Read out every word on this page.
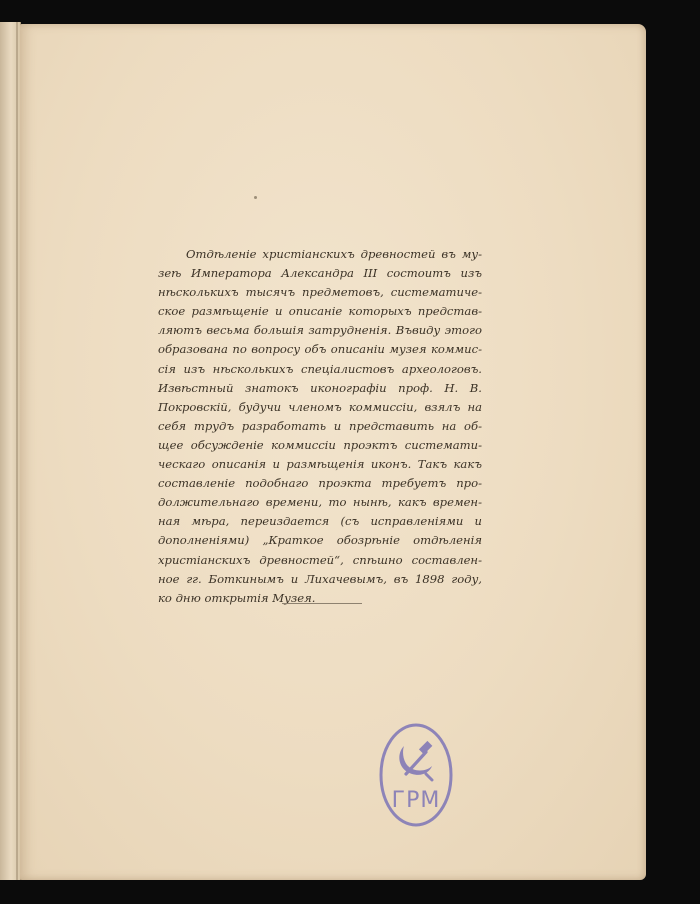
Отдѣленіе христіанскихъ древностей въ му-

зеѣ Императора Александра III состоитъ изъ

нѣсколькихъ тысячъ предметовъ, систематиче-

ское размѣщеніе и описаніе которыхъ представ-

ляютъ весьма большія затрудненія. Въвиду этого

образована по вопросу объ описаніи музея коммис-

сія изъ нѣсколькихъ спеціалистовъ археологовъ.

Извѣстный знатокъ иконографіи проф. Н. В.

Покровскій, будучи членомъ коммиссіи, взялъ на

себя трудъ разработать и представить на об-

щее обсужденіе коммиссіи проэктъ системати-

ческаго описанія и размѣщенія иконъ. Такъ какъ

составленіе подобнаго проэкта требуетъ про-

должительнаго времени, то нынѣ, какъ времен-

ная мѣра, переиздается (съ исправленіями и

дополненіями) „Краткое обозрѣніе отдѣленія

христіанскихъ древностей“, спѣшно составлен-

ное гг. Боткинымъ и Лихачевымъ, въ 1898 году,

ко дню открытія Музея.

ГРМ
